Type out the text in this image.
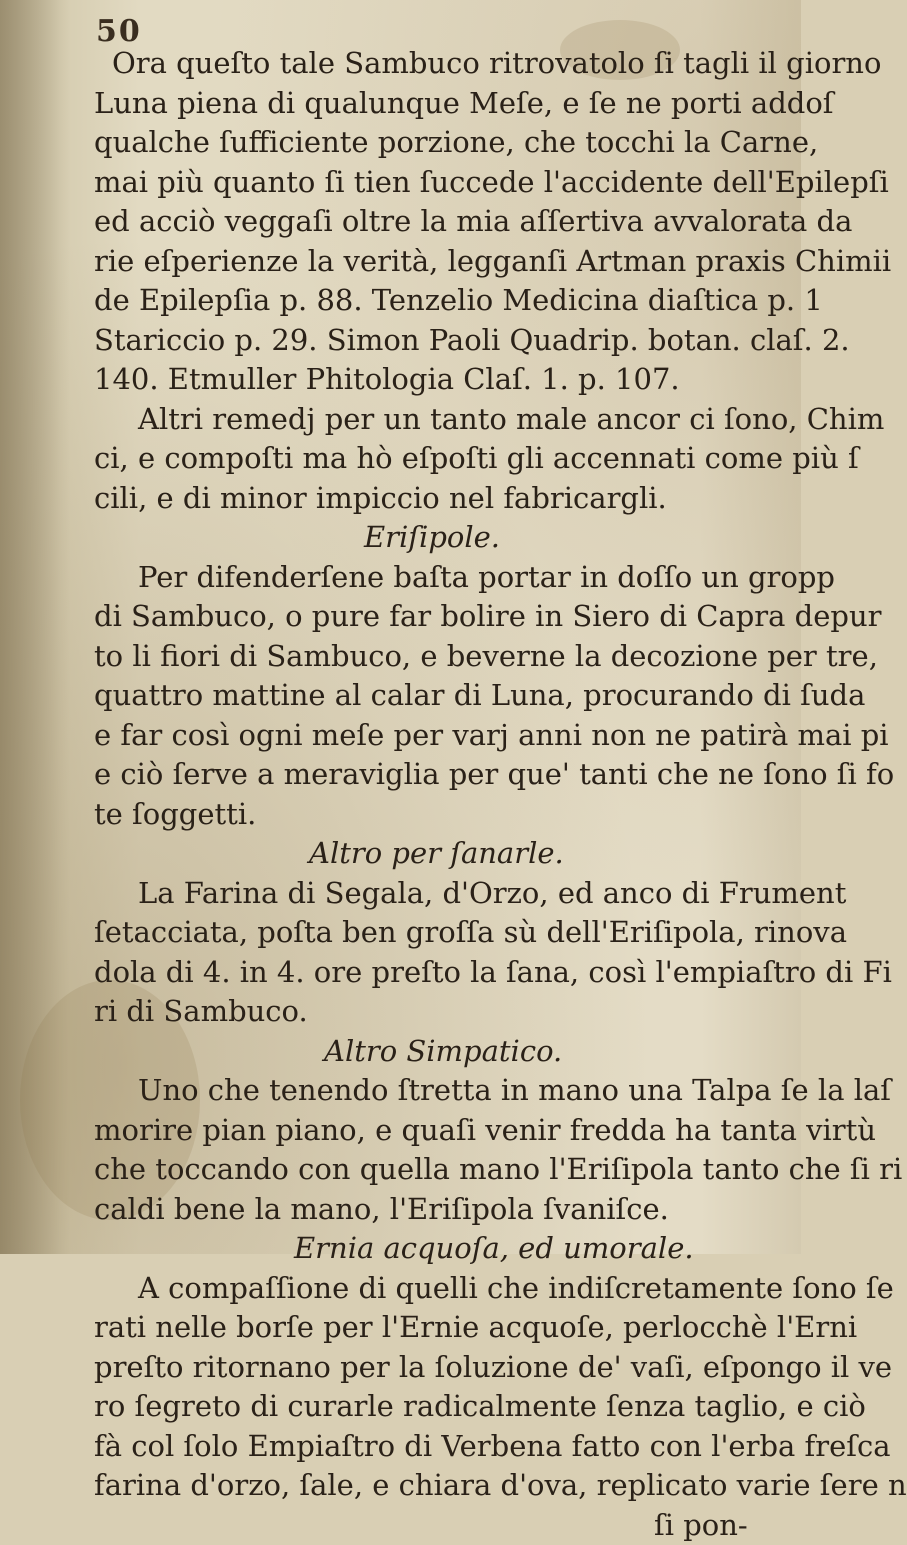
50
Ora queſto tale Sambuco ritrovatolo ſi tagli il giorno
Luna piena di qualunque Meſe, e ſe ne porti addoſ
qualche ſufficiente porzione, che tocchi la Carne,
mai più quanto ſi tien ſuccede l'accidente dell'Epilepſi
ed acciò veggaſi oltre la mia aſſertiva avvalorata da
rie eſperienze la verità, legganſi Artman praxis Chimii
de Epilepſia p. 88. Tenzelio Medicina diaſtica p. 1
Stariccio p. 29. Simon Paoli Quadrip. botan. claſ. 2.
140. Etmuller Phitologia Claſ. 1. p. 107.
Altri remedj per un tanto male ancor ci ſono, Chim
ci, e compoſti ma hò eſpoſti gli accennati come più ſ
cili, e di minor impiccio nel fabricargli.
Eriſipole.
Per difenderſene baſta portar in doſſo un gropp
di Sambuco, o pure far bolire in Siero di Capra depur
to li fiori di Sambuco, e beverne la decozione per tre,
quattro mattine al calar di Luna, procurando di ſuda
e far così ogni meſe per varj anni non ne patirà mai pi
e ciò ſerve a meraviglia per que' tanti che ne ſono ſi fo
te ſoggetti.
Altro per ſanarle.
La Farina di Segala, d'Orzo, ed anco di Frument
ſetacciata, poſta ben groſſa sù dell'Eriſipola, rinova
dola di 4. in 4. ore preſto la ſana, così l'empiaſtro di Fi
ri di Sambuco.
Altro Simpatico.
Uno che tenendo ſtretta in mano una Talpa ſe la laſ
morire pian piano, e quaſi venir fredda ha tanta virtù
che toccando con quella mano l'Eriſipola tanto che ſi ri
caldi bene la mano, l'Eriſipola ſvaniſce.
Ernia acquoſa, ed umorale.
A compaſſione di quelli che indiſcretamente ſono ſe
rati nelle borſe per l'Ernie acquoſe, perlocchè l'Erni
preſto ritornano per la ſoluzione de' vaſi, eſpongo il ve
ro ſegreto di curarle radicalmente ſenza taglio, e ciò
fà col ſolo Empiaſtro di Verbena fatto con l'erba freſca
farina d'orzo, ſale, e chiara d'ova, replicato varie ſere n
ſi pon-
